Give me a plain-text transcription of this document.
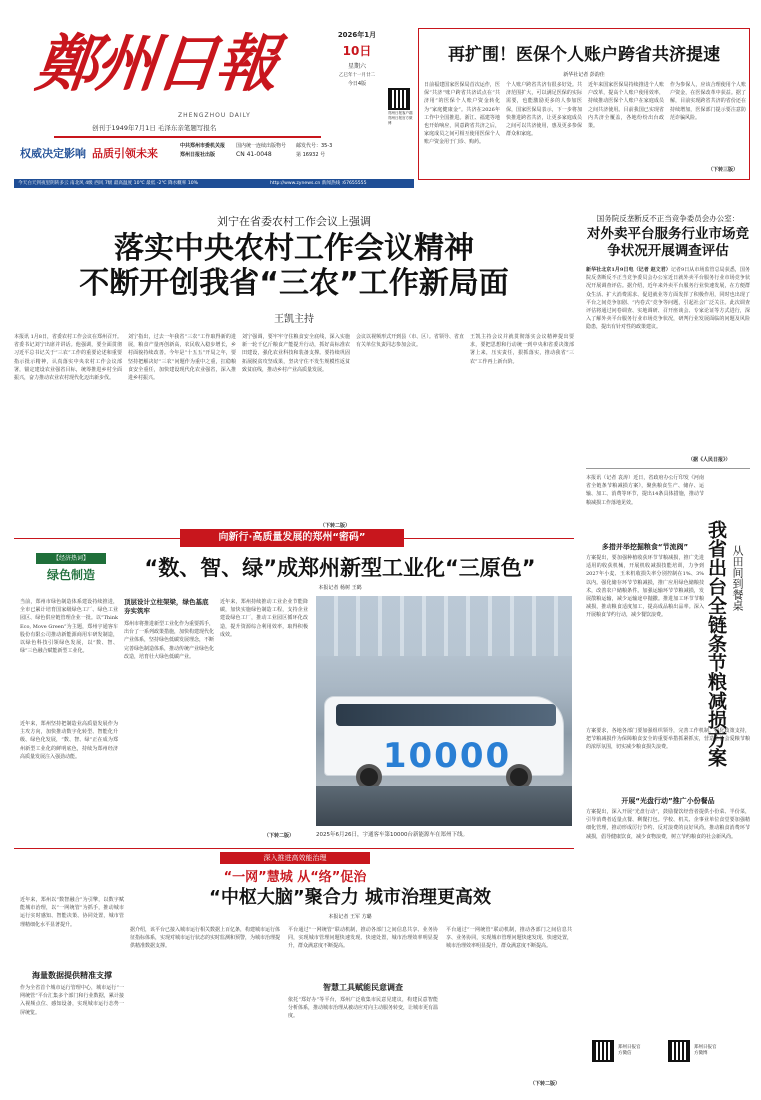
鄭州日報
ZHENGZHOU DAILY
创刊于1949年7月1日 毛泽东亲笔题写报名
权威决定影响 品质引领未来
中共郑州市委机关报
郑州日报社出版
国内统一连续出版物号
CN 41-0048
邮发代号：35-3
第 16932 号
2026年1月
10日
星期六
乙巳年十一月廿二
今日4版
郑州日报客户端
郑州日报官方微博
今天白天到夜里阴转多云 南北风 4级 西风 7级 最高温度 10℃ 最低 -2℃ 降水概率 10%	http://www.zynews.cn 新闻热线 :67655555
再扩围！医保个人账户跨省共济提速
新华社记者 彭韵佳
日前福建国家医保局首次运作，医保“共济”账户跨省共济试点在“共济用”的医保个人账户资金转化为“家庭健康金”。共济在2026年工作中全国推进。浙江、福建等地也开始响应，同意跨省共济之后，家庭成员之间可相互使用医保个人账户资金用于门诊、购药。
个人账户跨省共济有很多好处。共济范围扩大，可以满足医保的实际需要，也能激励更多的人参加医保，国家医保局表示，下一步将加快推进跨省共济，让更多家庭成员之间可以共济使用，惠及更多参保群众和家庭。
近年来国家医保局持续推进个人账户改革，提高个人账户使用效率，持续推动医保个人账户在家庭成员之间共济使用。目前我国已实现省内共济全覆盖，各地纷纷出台政策。
作为参保人，应该合理使用个人账户资金，在医保改革中获益。据了解，目前实现跨省共济的省份还在持续增加，医保部门提示要注意防范诈骗风险。
（下转三版）
刘宁在省委农村工作会议上强调
落实中央农村工作会议精神
不断开创我省“三农”工作新局面
王凯主持
本报讯 1月8日，省委农村工作会议在郑州召开。省委书记刘宁出席并讲话。他强调，要全面贯彻习近平总书记关于“三农”工作的重要论述和重要指示批示精神，认真落实中央农村工作会议部署，锚定建设农业强省目标，统筹推进乡村全面振兴，奋力推动农业农村现代化迈出新步伐。
刘宁指出，过去一年我省“三农”工作取得新的进展，粮食产量再创新高，农民收入稳步增长，乡村面貌持续改善。今年是“十五五”开局之年，要坚持把解决好“三农”问题作为重中之重，扛稳粮食安全重任，加快建设现代化农业强省，深入推进乡村振兴。
刘宁强调，要牢牢守住粮食安全底线，深入实施新一轮千亿斤粮食产能提升行动，抓好高标准农田建设，强化农业科技和装备支撑。要持续巩固拓展脱贫攻坚成果，坚决守住不发生规模性返贫致贫底线，推动乡村产业高质量发展。
会议以视频形式开到县（市、区）。省领导、省直有关单位负责同志参加会议。
王凯主持会议并就贯彻落实会议精神提出要求，要把思想和行动统一到中央和省委决策部署上来，压实责任，狠抓落实，推动我省“三农”工作再上新台阶。
（下转二版）
国务院反垄断反不正当竞争委员会办公室：
对外卖平台服务行业市场竞争状况开展调查评估
新华社北京1月9日电（记者 赵文君）记者9日从市场监管总局获悉，国务院反垄断反不正当竞争委员会办公室近日就外卖平台服务行业市场竞争状况开展调查评估。据介绍，近年来外卖平台服务行业快速发展，在方便群众生活、扩大消费需求、促进就业等方面发挥了积极作用，同时也出现了平台之间竞争加剧、“内卷式”竞争等问题，引起社会广泛关注。此次调查评估将通过问卷调查、实地调研、召开座谈会、专家论证等方式进行，深入了解外卖平台服务行业市场竞争状况，研判行业发展面临的问题及风险隐患，提出有针对性的政策建议。
（据《人民日报》）
本报讯（记者 袁涛）近日，省政府办公厅印发《河南省全链条节粮减损方案》，聚焦粮食生产、储存、运输、加工、消费等环节，提出14条具体措施，推动节粮减损工作落地见效。
我省出台全链条节粮减损方案 从田间到餐桌
多措并举挖掘粮食“节流阀”
方案提出，要加强种植收获环节节粮减损，推广先进适用的收获机械，开展机收减损技能培训，力争到2027年小麦、玉米机收损失率分别控制在1%、3%以内。强化储存环节节粮减损，推广应用绿色储粮技术，改善农户储粮条件。加强运输环节节粮减损，发展散粮运输，减少运输途中抛撒。推进加工环节节粮减损，推动粮食适度加工，提高成品粮出品率。深入开展粮食节约行动，减少餐饮浪费。
方案要求，各地各部门要加强组织领导，完善工作机制，强化政策支持，把节粮减损作为保障粮食安全的重要举措抓紧抓实，营造全社会爱粮节粮的浓厚氛围，切实减少粮食损失浪费。
开展“光盘行动”推广小份餐品
方案提出，深入开展“光盘行动”，鼓励餐饮经营者提供小份菜、半份菜，引导消费者适量点餐、剩餐打包。学校、机关、企事业单位食堂要加强精细化管理，推动形成厉行节约、反对浪费的良好风尚。推动粮食消费环节减损，倡导健康饮食，减少食物浪费，树立节约粮食的社会新风尚。
郑州日报官方微信
郑州日报官方微博
向新行·高质量发展的郑州“密码”
【经济热词】
绿色制造	“数、智、绿”成郑州新型工业化“三原色”
本报记者 杨树 王鹤
当前，郑州市绿色制造体系建设持续推进，全市已累计培育国家级绿色工厂、绿色工业园区、绿色供应链管理企业一批。以“Think Eco, Move Green”为主题，郑州宇通客车股份有限公司推动新能源商用车研发制造，以绿色科技引领绿色发展，以“数、智、绿”三色融合赋能新型工业化。
近年来，郑州坚持把制造业高质量发展作为主攻方向，加快推动数字化转型、智能化升级、绿色化发展，“数、智、绿”正在成为郑州新型工业化的鲜明底色，持续为郑州经济高质量发展注入强劲动能。
顶层设计立柱架梁，绿色基底夯实筑牢
郑州市将推进新型工业化作为重要抓手，出台了一系列政策措施，加快构建现代化产业体系，坚持绿色低碳发展理念，不断完善绿色制造体系，推动传统产业绿色化改造，培育壮大绿色低碳产业。
近年来，郑州持续推动工业企业节能降碳，加快实施绿色制造工程，支持企业建设绿色工厂，推动工业园区循环化改造，提升资源综合利用效率，取得积极成效。
（下转二版）
10000
2025年6月26日，宇通客车第10000台新能源车在郑州下线。
深入推进高效能治理
“一网”慧城 从“络”促治
“中枢大脑”聚合力 城市治理更高效
本报记者 王军 方璐
近年来，郑州以“数智融合”为引擎，以数字赋能城市治理，以“一网统管”为抓手，推动城市运行实时感知、智能决策、协同处置，城市管理精细化水平显著提升。
海量数据提供精准支撑
作为全省首个城市运行管理中心，城市运行“一网统管”平台汇集多个部门和行业数据，累计接入视频点位、感知设备，实现城市运行态势一屏统览。
据介绍，该平台已接入城市运行相关数据上百亿条，构建城市运行体征指标体系，实现对城市运行状态的实时监测和预警，为城市治理提供精准数据支撑。
平台通过“一网统管”联动机制，推动各部门之间信息共享、业务协同，实现城市管理问题快速发现、快速处置，城市治理效率明显提升，群众满意度不断提高。
智慧工具赋能民意调查
依托“郑好办”等平台，郑州广泛收集市民意见建议，构建民意智能分析体系，推动城市治理从被动应对向主动服务转变，让城市更有温度。
平台通过“一网统管”联动机制，推动各部门之间信息共享、业务协同，实现城市管理问题快速发现、快速处置，城市治理效率明显提升，群众满意度不断提高。
（下转二版）
